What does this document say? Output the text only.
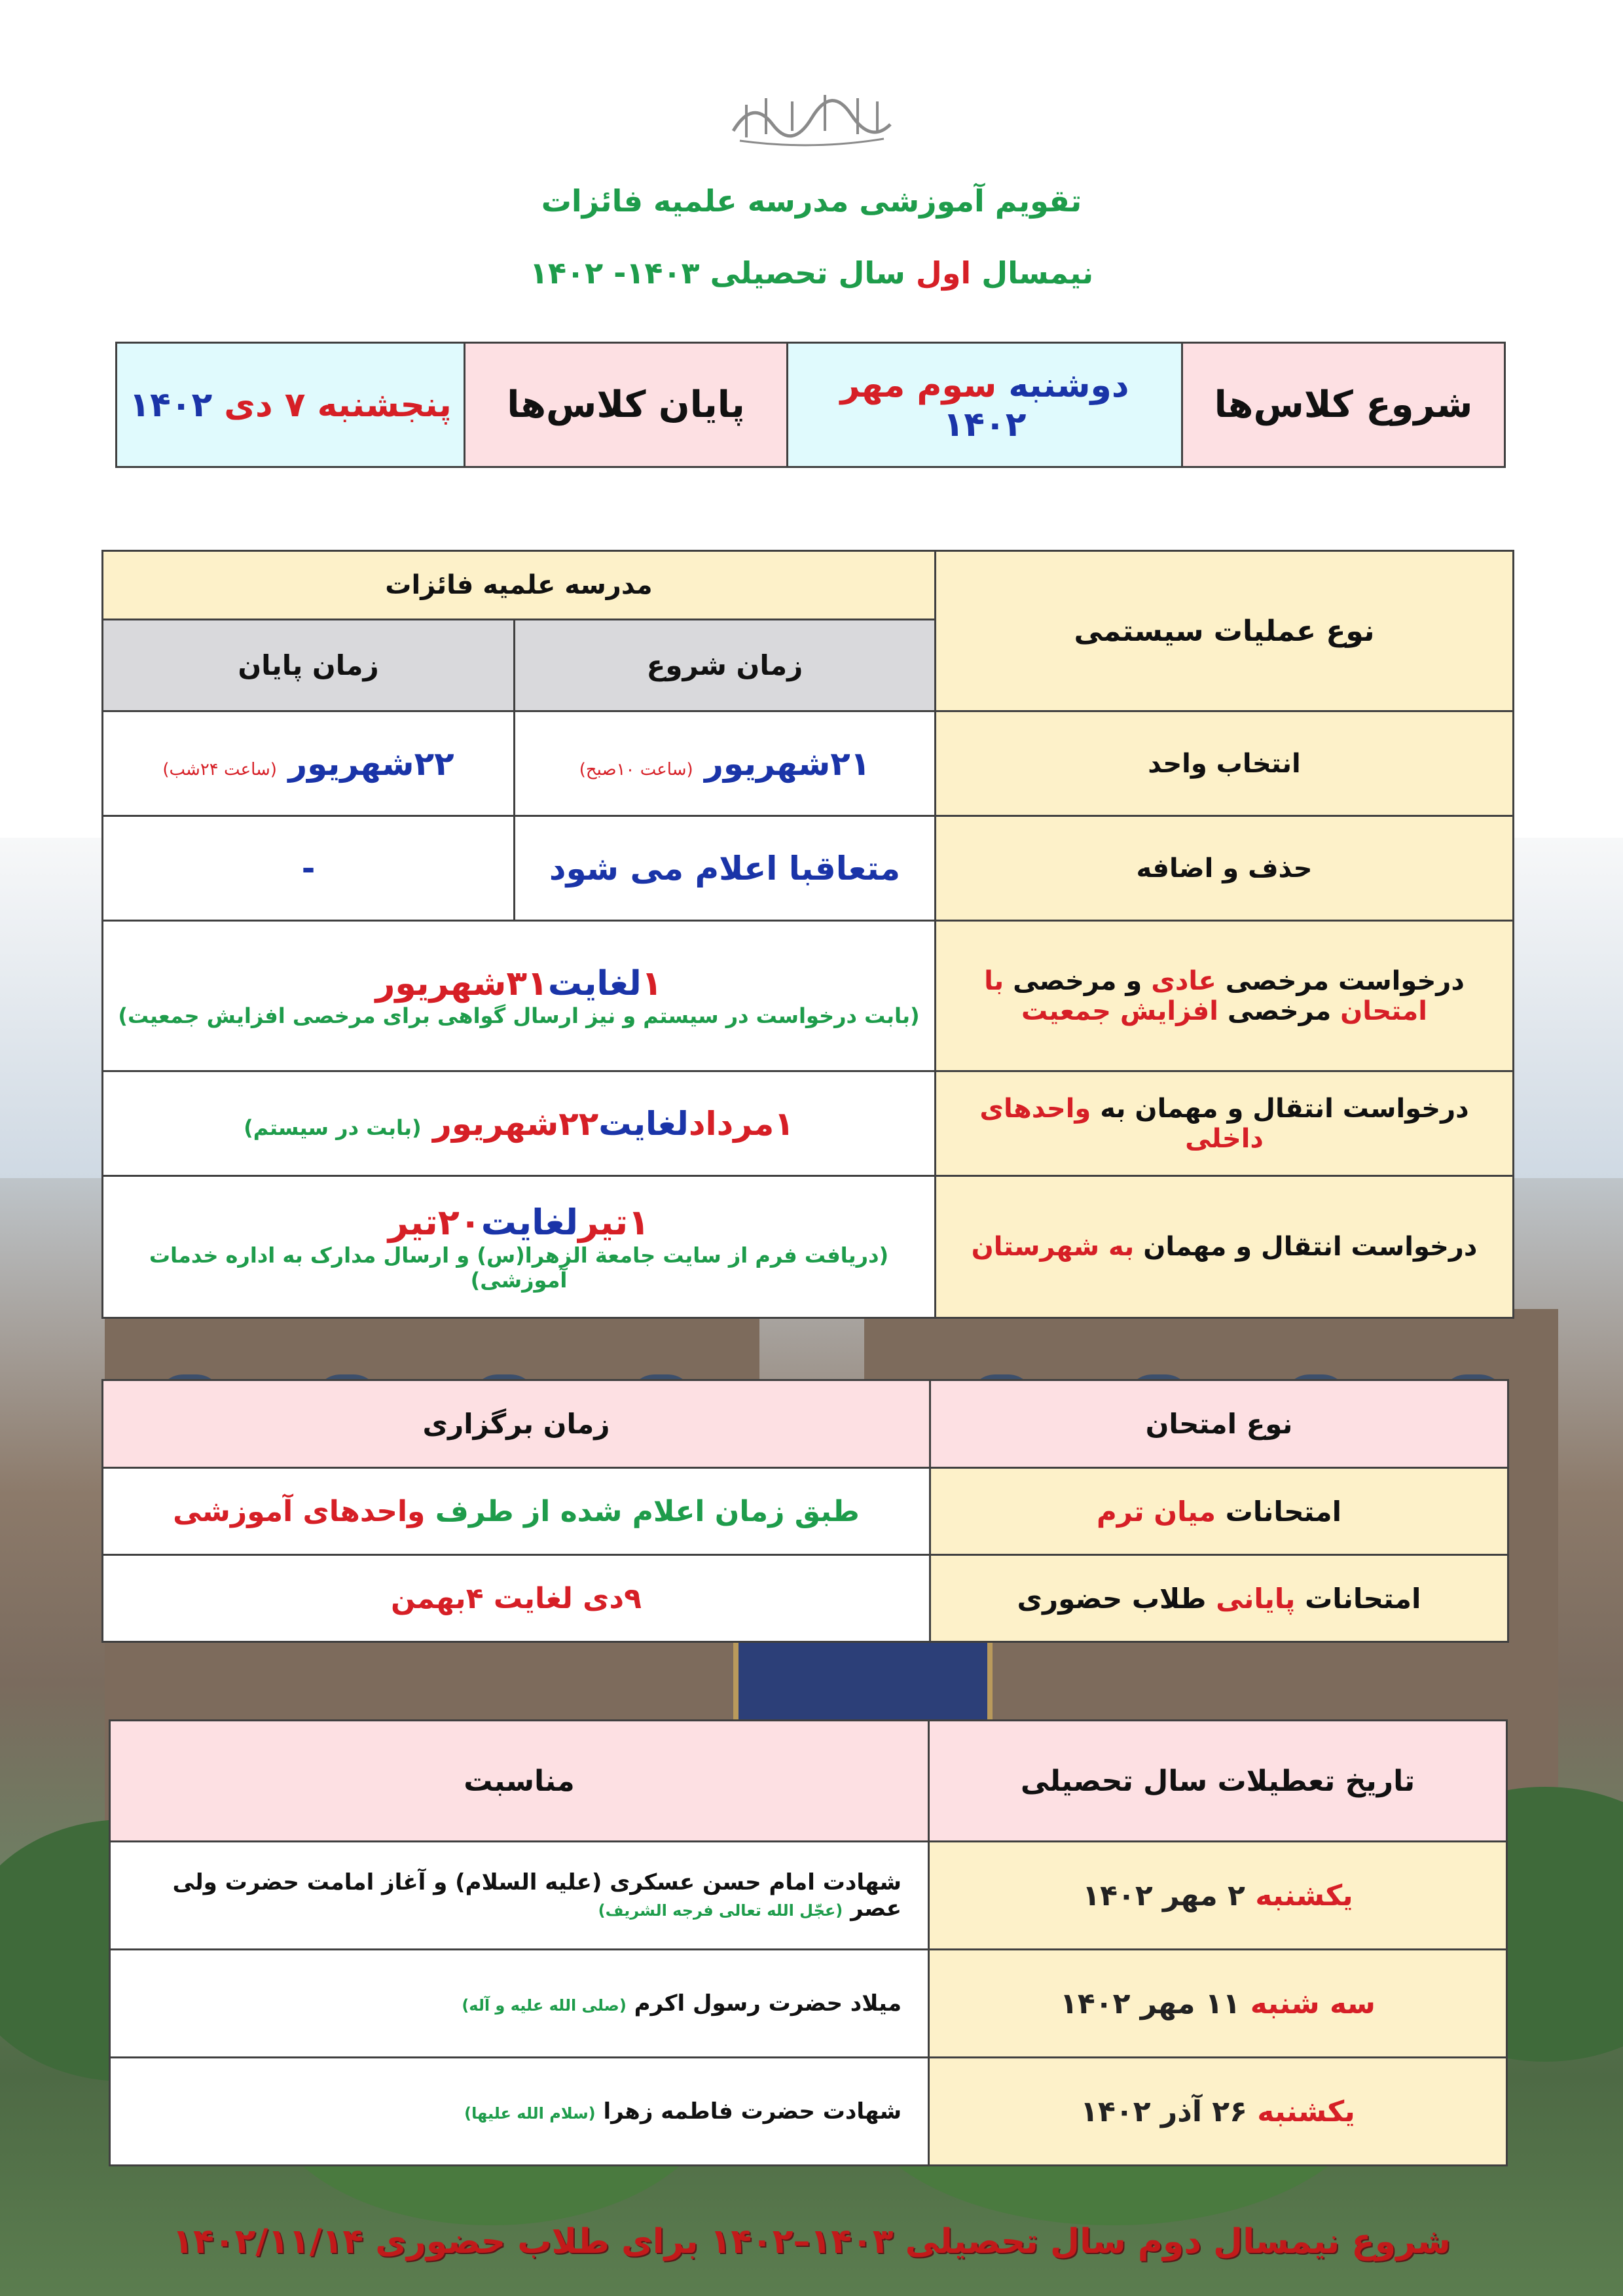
تقویم آموزشی مدرسه علمیه فائزات
نیمسال اول سال تحصیلی ۱۴۰۳- ۱۴۰۲
شروع کلاس‌ها	دوشنبه سوم مهر ۱۴۰۲	پایان کلاس‌ها	پنجشنبه ۷ دی ۱۴۰۲
نوع عملیات سیستمی	مدرسه علمیه فائزات	
	زمان شروع	زمان پایان
انتخاب واحد	۲۱شهریور (ساعت ۱۰صبح)	۲۲شهریور (ساعت ۲۴شب)
حذف و اضافه	متعاقبا اعلام می شود	-
درخواست مرخصی عادی و مرخصی با امتحان مرخصی افزایش جمعیت	۱لغایت۳۱شهریور
(بابت درخواست در سیستم و نیز ارسال گواهی برای مرخصی افزایش جمعیت)	

درخواست انتقال و مهمان به واحدهای داخلی	۱مردادلغایت۲۲شهریور (بابت در سیستم)	
درخواست انتقال و مهمان به شهرستان	۱تیرلغایت۲۰تیر
(دریافت فرم از سایت جامعة الزهرا(س) و ارسال مدارک به اداره خدمات آموزشی)	
نوع امتحان	زمان برگزاری
امتحانات میان ترم	طبق زمان اعلام شده از طرف واحدهای آموزشی
امتحانات پایانی طلاب حضوری	۹دی لغایت ۴بهمن
تاریخ تعطیلات سال تحصیلی	مناسبت
یکشنبه ۲ مهر ۱۴۰۲	شهادت امام حسن عسکری (علیه السلام) و آغاز امامت حضرت ولی عصر (عجّل الله تعالی فرجه الشریف)
سه شنبه ۱۱ مهر ۱۴۰۲	میلاد حضرت رسول اکرم (صلی الله علیه و آله)
یکشنبه ۲۶ آذر ۱۴۰۲	شهادت حضرت فاطمه زهرا (سلام الله علیها)
شروع نیمسال دوم سال تحصیلی ۱۴۰۳–۱۴۰۲ برای طلاب حضوری ۱۴۰۲/۱۱/۱۴
